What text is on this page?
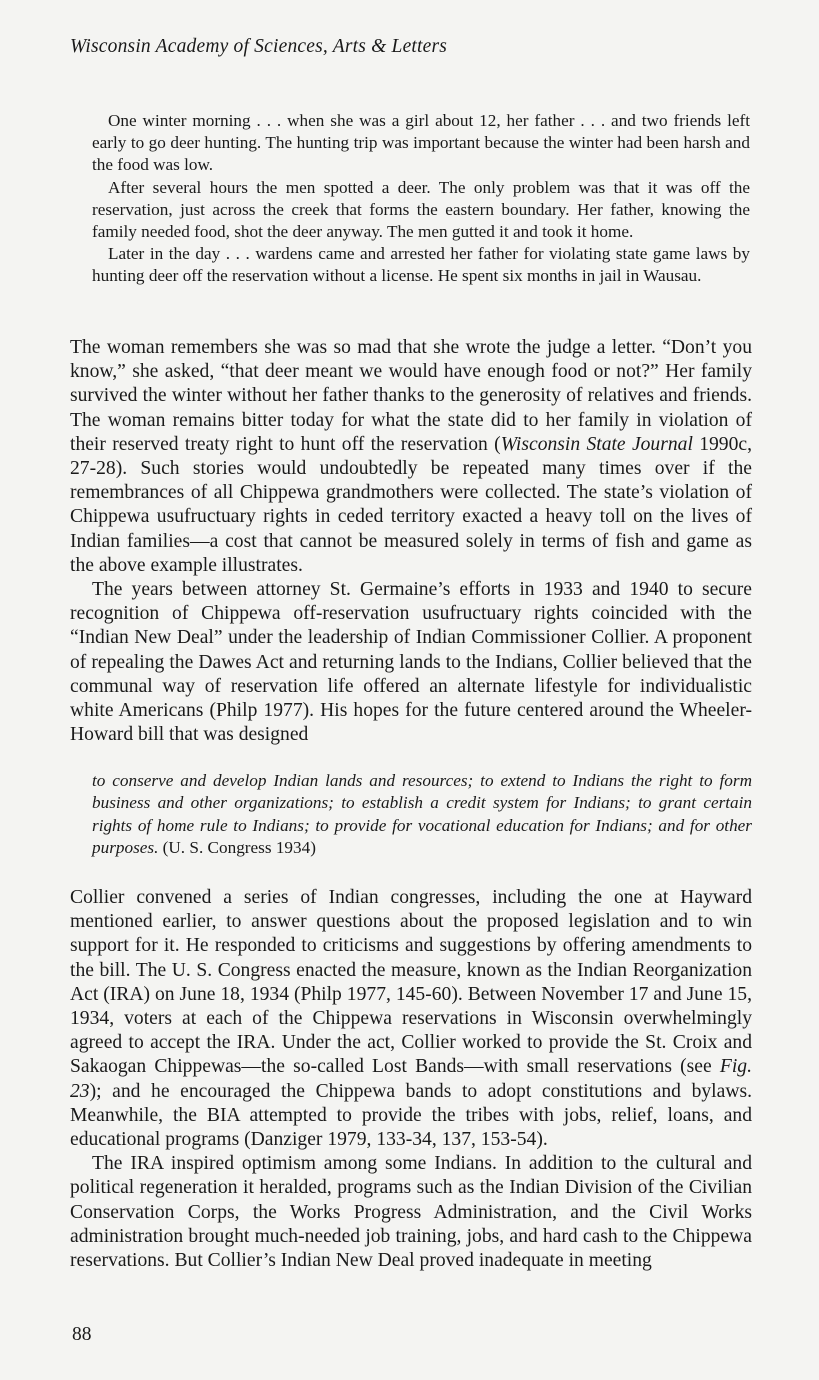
Wisconsin Academy of Sciences, Arts & Letters

One winter morning . . . when she was a girl about 12, her father . . . and two friends left early to go deer hunting. The hunting trip was important because the winter had been harsh and the food was low.

After several hours the men spotted a deer. The only problem was that it was off the reservation, just across the creek that forms the eastern boundary. Her father, knowing the family needed food, shot the deer anyway. The men gutted it and took it home.

Later in the day . . . wardens came and arrested her father for violating state game laws by hunting deer off the reservation without a license. He spent six months in jail in Wausau.

The woman remembers she was so mad that she wrote the judge a letter. “Don’t you know,” she asked, “that deer meant we would have enough food or not?” Her family survived the winter without her father thanks to the generosity of relatives and friends. The woman remains bitter today for what the state did to her family in violation of their reserved treaty right to hunt off the reservation (Wisconsin State Journal 1990c, 27-28). Such stories would undoubtedly be repeated many times over if the remembrances of all Chippewa grandmothers were collected. The state’s violation of Chippewa usufructuary rights in ceded territory exacted a heavy toll on the lives of Indian families—a cost that cannot be measured solely in terms of fish and game as the above example illustrates.

The years between attorney St. Germaine’s efforts in 1933 and 1940 to secure recognition of Chippewa off-reservation usufructuary rights coincided with the “Indian New Deal” under the leadership of Indian Commissioner Collier. A proponent of repealing the Dawes Act and returning lands to the Indians, Collier believed that the communal way of reservation life offered an alternate lifestyle for individualistic white Americans (Philp 1977). His hopes for the future centered around the Wheeler-Howard bill that was designed

to conserve and develop Indian lands and resources; to extend to Indians the right to form business and other organizations; to establish a credit system for Indians; to grant certain rights of home rule to Indians; to provide for vocational education for Indians; and for other purposes. (U. S. Congress 1934)

Collier convened a series of Indian congresses, including the one at Hayward mentioned earlier, to answer questions about the proposed legislation and to win support for it. He responded to criticisms and suggestions by offering amendments to the bill. The U. S. Congress enacted the measure, known as the Indian Reorganization Act (IRA) on June 18, 1934 (Philp 1977, 145-60). Between November 17 and June 15, 1934, voters at each of the Chippewa reservations in Wisconsin overwhelmingly agreed to accept the IRA. Under the act, Collier worked to provide the St. Croix and Sakaogan Chippewas—the so-called Lost Bands—with small reservations (see Fig. 23); and he encouraged the Chippewa bands to adopt constitutions and bylaws. Meanwhile, the BIA attempted to provide the tribes with jobs, relief, loans, and educational programs (Danziger 1979, 133-34, 137, 153-54).

The IRA inspired optimism among some Indians. In addition to the cultural and political regeneration it heralded, programs such as the Indian Division of the Civilian Conservation Corps, the Works Progress Administration, and the Civil Works administration brought much-needed job training, jobs, and hard cash to the Chippewa reservations. But Collier’s Indian New Deal proved inadequate in meeting

88
